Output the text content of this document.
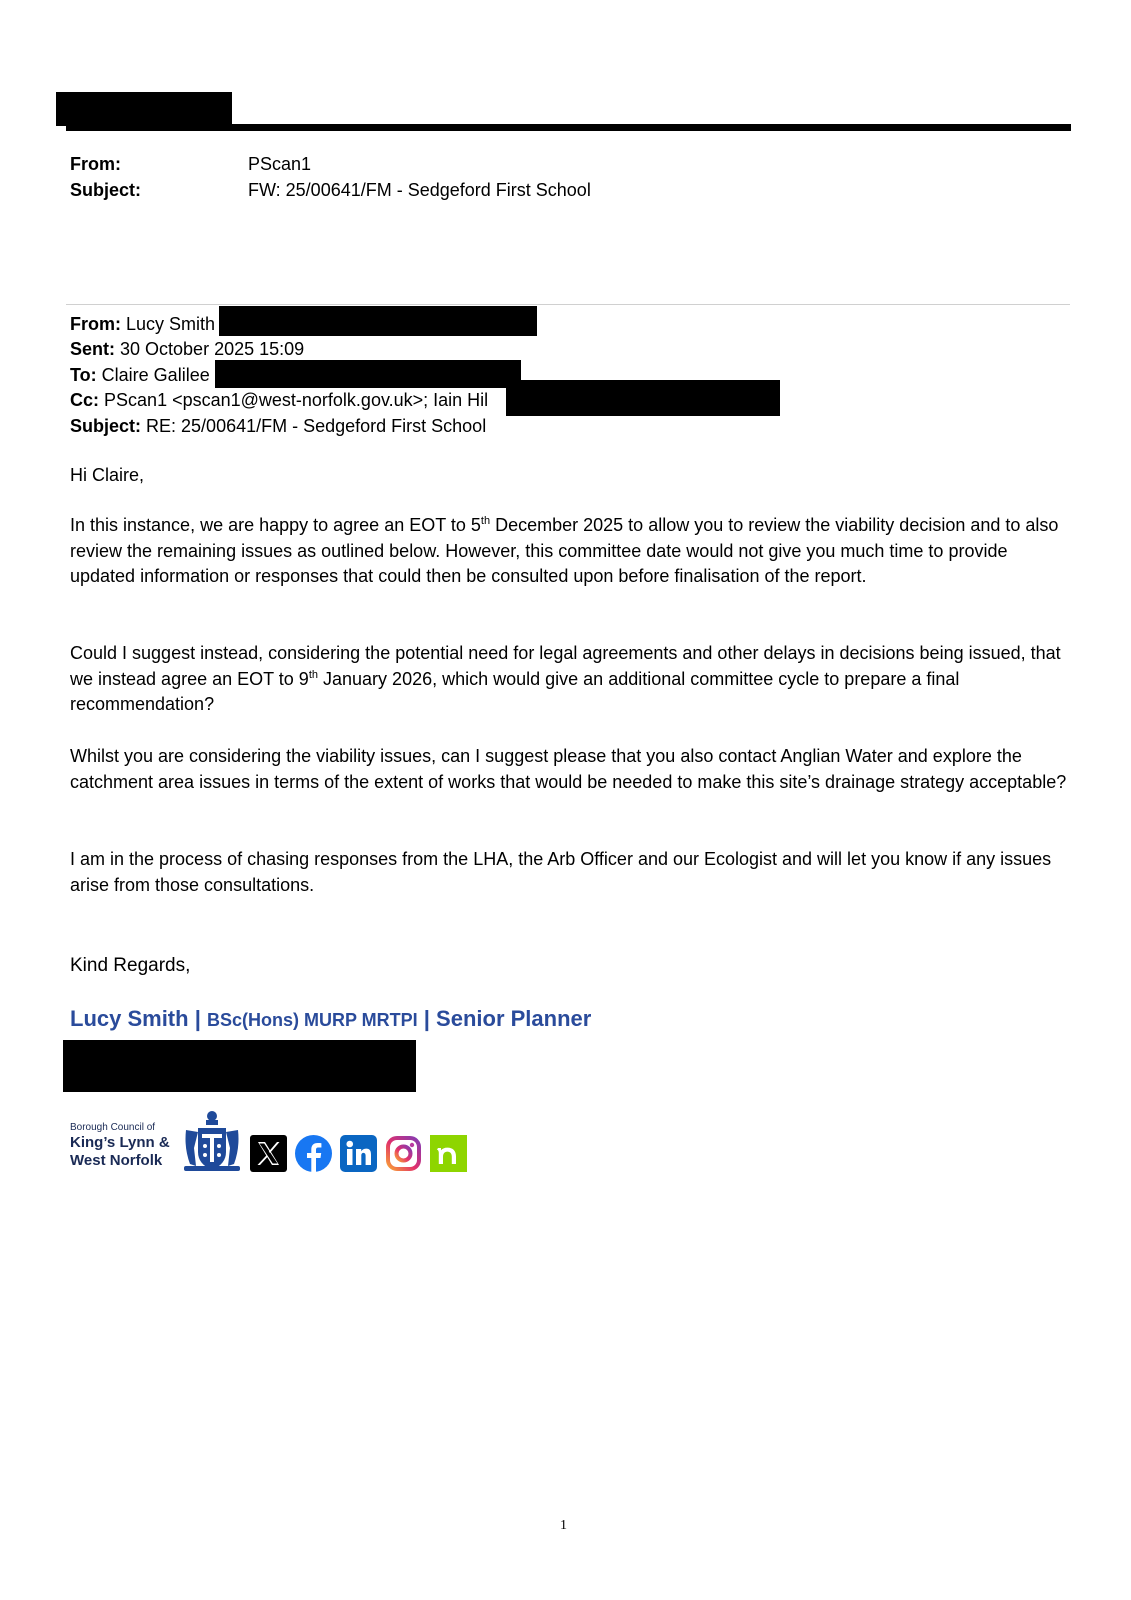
From:	PScan1
Subject:	FW: 25/00641/FM - Sedgeford First School
From: Lucy Smith
Sent: 30 October 2025 15:09
To: Claire Galilee
Cc: PScan1 <pscan1@west-norfolk.gov.uk>; Iain Hil
Subject: RE: 25/00641/FM - Sedgeford First School
Hi Claire,
In this instance, we are happy to agree an EOT to 5th December 2025 to allow you to review the viability decision and to also review the remaining issues as outlined below. However, this committee date would not give you much time to provide updated information or responses that could then be consulted upon before finalisation of the report.
Could I suggest instead, considering the potential need for legal agreements and other delays in decisions being issued, that we instead agree an EOT to 9th January 2026, which would give an additional committee cycle to prepare a final recommendation?
Whilst you are considering the viability issues, can I suggest please that you also contact Anglian Water and explore the catchment area issues in terms of the extent of works that would be needed to make this site’s drainage strategy acceptable?
I am in the process of chasing responses from the LHA, the Arb Officer and our Ecologist and will let you know if any issues arise from those consultations.
Kind Regards,
Lucy Smith | BSc(Hons) MURP MRTPI | Senior Planner
Borough Council of
King’s Lynn &
West Norfolk
1
